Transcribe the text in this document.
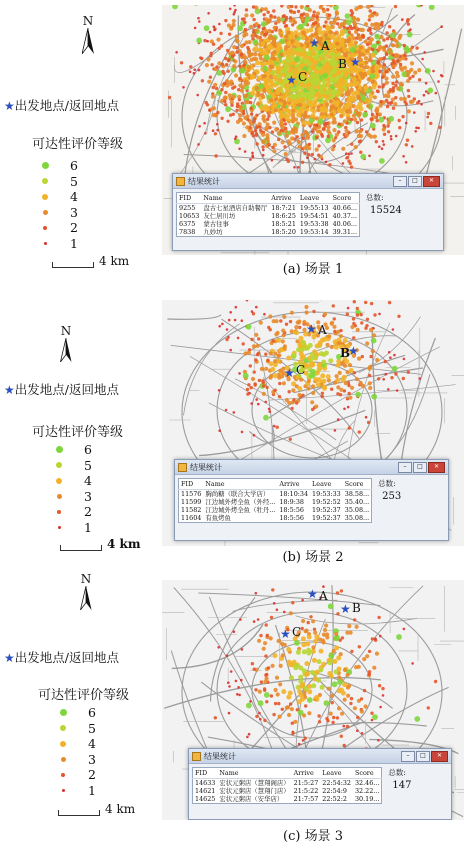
N
★出发地点/返回地点
可达性评价等级
6
5
4
3
2
1
4 km
★ A
★
B
★ C
结果统计	–	□	✕
FID	Name	Arrive	Leave	Score
9255	盘古七星酒店自助餐厅	18:7:21	19:55:13	40.66...
10653	友仁居川坊	18:6:25	19:54:51	40.37...
6375	蒙古往事	18:5:21	19:53:38	40.06...
7838	九妙坊	18:5:20	19:53:14	39.31...
总数:
15524
(a) 场景 1
N
★出发地点/返回地点
可达性评价等级
6
5
4
3
2
1
4 km
★ A
★
B
★ C
结果统计	–	□	✕
FID	Name	Arrive	Leave	Score
11576	胸尚糖（联合大学店）	18:10:34	19:53:33	38.58...
11599	江边城外烤全鱼（外经...	18:9:38	19:52:52	35.40...
11582	江边城外烤全鱼（牡丹...	18:5:56	19:52:37	35.08...
11604	有鱼烤鱼	18:5:56	19:52:37	35.08...
总数:
253
(b) 场景 2
N
★出发地点/返回地点
可达性评价等级
6
5
4
3
2
1
4 km
★ A
★ B
★ C
结果统计	–	□	✕
FID	Name	Arrive	Leave	Score
14633	宏状元粥店（慧翔阁店）	21:5:27	22:54:32	32.46...
14621	宏状元粥店（慧翔门店）	21:5:22	22:54:9	32.22...
14625	宏状元粥店（安华店）	21:7:57	22:52:2	30.19...
总数:
147
(c) 场景 3
